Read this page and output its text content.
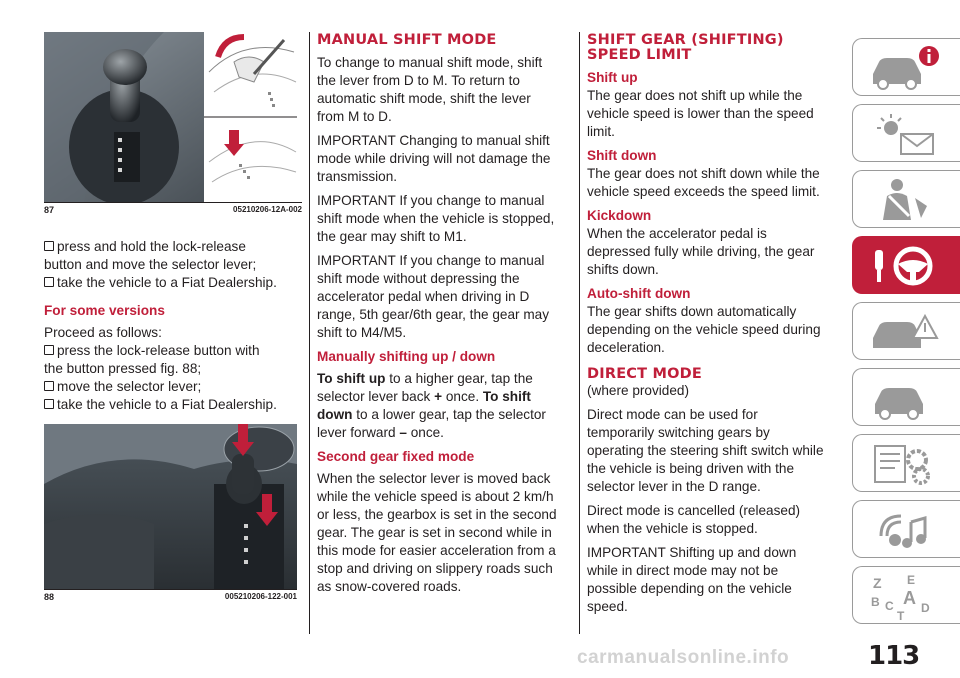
87	05210206-12A-002

press and hold the lock-release

button and move the selector lever;

take the vehicle to a Fiat Dealership.

For some versions

Proceed as follows:

press the lock-release button with

the button pressed fig. 88;

move the selector lever;

take the vehicle to a Fiat Dealership.

88	005210206-122-001

MANUAL SHIFT MODE

To change to manual shift mode, shift

the lever from D to M. To return to

automatic shift mode, shift the lever

from M to D.

IMPORTANT Changing to manual shift

mode while driving will not damage the

transmission.

IMPORTANT If you change to manual

shift mode when the vehicle is stopped,

the gear may shift to M1.

IMPORTANT If you change to manual

shift mode without depressing the

accelerator pedal when driving in D

range, 5th gear/6th gear, the gear may

shift to M4/M5.

Manually shifting up / down

To shift up to a higher gear, tap the

selector lever back + once. To shift

down to a lower gear, tap the selector

lever forward – once.

Second gear fixed mode

When the selector lever is moved back

while the vehicle speed is about 2 km/h

or less, the gearbox is set in the second

gear. The gear is set in second while in

this mode for easier acceleration from a

stop and driving on slippery roads such

as snow-covered roads.

SHIFT GEAR (SHIFTING)

SPEED LIMIT

Shift up

The gear does not shift up while the

vehicle speed is lower than the speed

limit.

Shift down

The gear does not shift down while the

vehicle speed exceeds the speed limit.

Kickdown

When the accelerator pedal is

depressed fully while driving, the gear

shifts down.

Auto-shift down

The gear shifts down automatically

depending on the vehicle speed during

deceleration.

DIRECT MODE

(where provided)

Direct mode can be used for

temporarily switching gears by

operating the steering shift switch while

the vehicle is being driven with the

selector lever in the D range.

Direct mode is cancelled (released)

when the vehicle is stopped.

IMPORTANT Shifting up and down

while in direct mode may not be

possible depending on the vehicle

speed.

Z E
B A
C D
T
carmanualsonline.info	113
